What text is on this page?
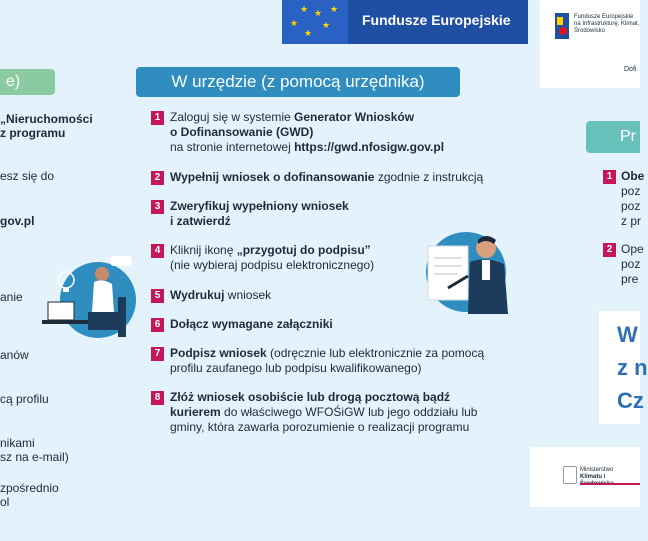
★ ★
★
★
★
★
Fundusze Europejskie	Fundusze Europejskie na Infrastrukturę, Klimat, Środowisko
Dofi
e)
„Nieruchomości
z programu
esz się do
gov.pl
anie
anów
cą profilu
nikami
sz na e-mail)
zpośrednio
ol
W urzędzie (z pomocą urzędnika)
1 Zaloguj się w systemie Generator Wniosków
o Dofinansowanie (GWD)
na stronie internetowej https://gwd.nfosigw.gov.pl
2 Wypełnij wniosek o dofinansowanie zgodnie z instrukcją
3 Zweryfikuj wypełniony wniosek
i zatwierdź
4 Kliknij ikonę „przygotuj do podpisu”
(nie wybieraj podpisu elektronicznego)
5 Wydrukuj wniosek
6 Dołącz wymagane załączniki
7 Podpisz wniosek (odręcznie lub elektronicznie za pomocą
profilu zaufanego lub podpisu kwalifikowanego)
8 Złóż wniosek osobiście lub drogą pocztową bądź
kurierem do właściwego WFOŚiGW lub jego oddziału lub
gminy, która zawarła porozumienie o realizacji programu
Pr
1 Obe
poz
poz
z pr
2 Ope
poz
pre
W
z n
Cz
Ministerstwo
Klimatu i
